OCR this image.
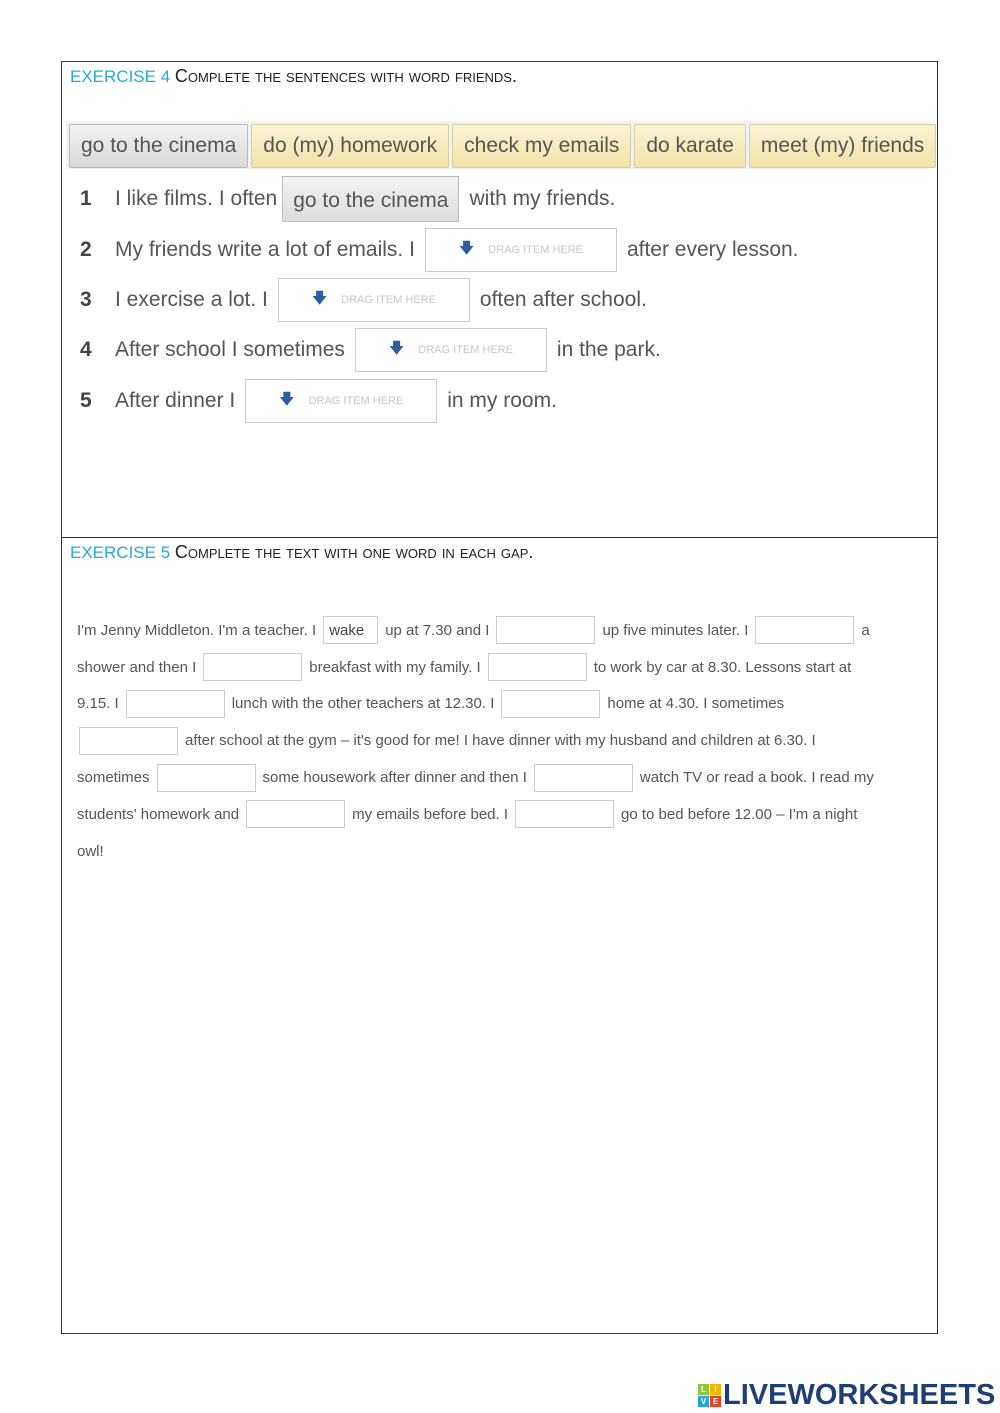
EXERCISE 4 Complete the sentences with word friends.
go to the cinema	do (my) homework	check my emails	do karate	meet (my) friends
1	I like films. I often go to the cinema	with my friends.
2	My friends write a lot of emails. I	🡇 DRAG ITEM HERE after every lesson.
3	I exercise a lot. I	🡇 DRAG ITEM HERE often after school.
4	After school I sometimes	🡇 DRAG ITEM HERE in the park.
5	After dinner I	🡇 DRAG ITEM HERE in my room.
EXERCISE 5 Complete the text with one word in each gap.
I'm Jenny Middleton. I'm a teacher. I wake	up at 7.30 and I	up five minutes later. I	a
shower and then I	breakfast with my family. I	to work by car at 8.30. Lessons start at
9.15. I	lunch with the other teachers at 12.30. I	home at 4.30. I sometimes
after school at the gym – it's good for me! I have dinner with my husband and children at 6.30. I
sometimes	some housework after dinner and then I	watch TV or read a book. I read my
students' homework and	my emails before bed. I	go to bed before 12.00 – I'm a night
owl!
L	I
V E LIVEWORKSHEETS
